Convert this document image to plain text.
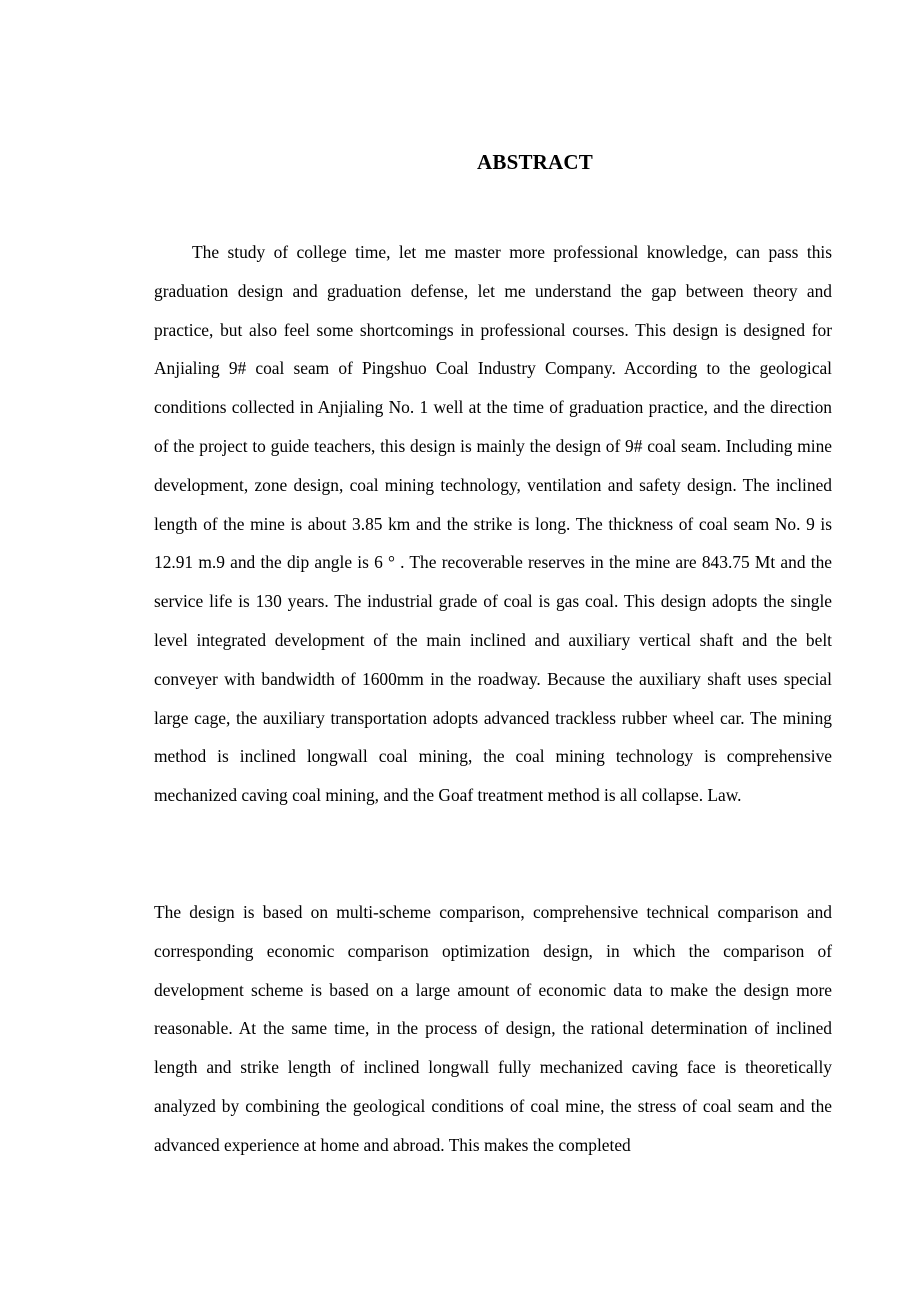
ABSTRACT

The study of college time, let me master more professional knowledge, can pass this graduation design and graduation defense, let me understand the gap between theory and practice, but also feel some shortcomings in professional courses. This design is designed for Anjialing 9# coal seam of Pingshuo Coal Industry Company. According to the geological conditions collected in Anjialing No. 1 well at the time of graduation practice, and the direction of the project to guide teachers, this design is mainly the design of 9# coal seam. Including mine development, zone design, coal mining technology, ventilation and safety design. The inclined length of the mine is about 3.85 km and the strike is long. The thickness of coal seam No. 9 is 12.91 m.9 and the dip angle is 6 ° . The recoverable reserves in the mine are 843.75 Mt and the service life is 130 years. The industrial grade of coal is gas coal. This design adopts the single level integrated development of the main inclined and auxiliary vertical shaft and the belt conveyer with bandwidth of 1600mm in the roadway. Because the auxiliary shaft uses special large cage, the auxiliary transportation adopts advanced trackless rubber wheel car. The mining method is inclined longwall coal mining, the coal mining technology is comprehensive mechanized caving coal mining, and the Goaf treatment method is all collapse. Law.

The design is based on multi-scheme comparison, comprehensive technical comparison and corresponding economic comparison optimization design, in which the comparison of development scheme is based on a large amount of economic data to make the design more reasonable. At the same time, in the process of design, the rational determination of inclined length and strike length of inclined longwall fully mechanized caving face is theoretically analyzed by combining the geological conditions of coal mine, the stress of coal seam and the advanced experience at home and abroad. This makes the completed
